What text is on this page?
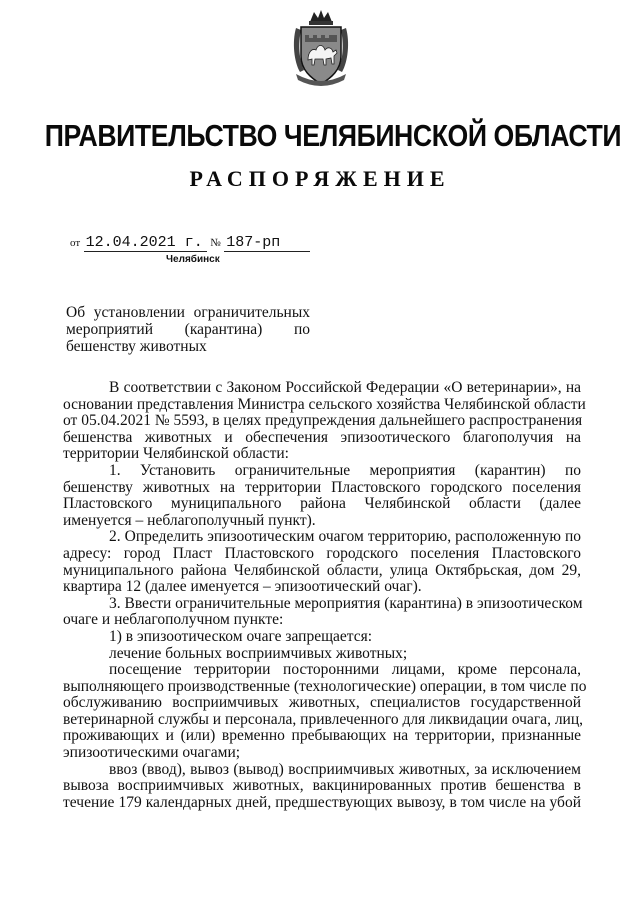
ПРАВИТЕЛЬСТВО ЧЕЛЯБИНСКОЙ ОБЛАСТИ
РАСПОРЯЖЕНИЕ
от 12.04.2021 г. № 187-рп
Челябинск
Об установлении ограничительных
мероприятий (карантина) по
бешенству животных
В соответствии с Законом Российской Федерации «О ветеринарии», на
основании представления Министра сельского хозяйства Челябинской области
от 05.04.2021 № 5593, в целях предупреждения дальнейшего распространения
бешенства животных и обеспечения эпизоотического благополучия на
территории Челябинской области:
1. Установить ограничительные мероприятия (карантин) по
бешенству животных на территории Пластовского городского поселения
Пластовского муниципального района Челябинской области (далее
именуется – неблагополучный пункт).
2. Определить эпизоотическим очагом территорию, расположенную по
адресу: город Пласт Пластовского городского поселения Пластовского
муниципального района Челябинской области, улица Октябрьская, дом 29,
квартира 12 (далее именуется – эпизоотический очаг).
3. Ввести ограничительные мероприятия (карантина) в эпизоотическом
очаге и неблагополучном пункте:
1) в эпизоотическом очаге запрещается:
лечение больных восприимчивых животных;
посещение территории посторонними лицами, кроме персонала,
выполняющего производственные (технологические) операции, в том числе по
обслуживанию восприимчивых животных, специалистов государственной
ветеринарной службы и персонала, привлеченного для ликвидации очага, лиц,
проживающих и (или) временно пребывающих на территории, признанные
эпизоотическими очагами;
ввоз (ввод), вывоз (вывод) восприимчивых животных, за исключением
вывоза восприимчивых животных, вакцинированных против бешенства в
течение 179 календарных дней, предшествующих вывозу, в том числе на убой
